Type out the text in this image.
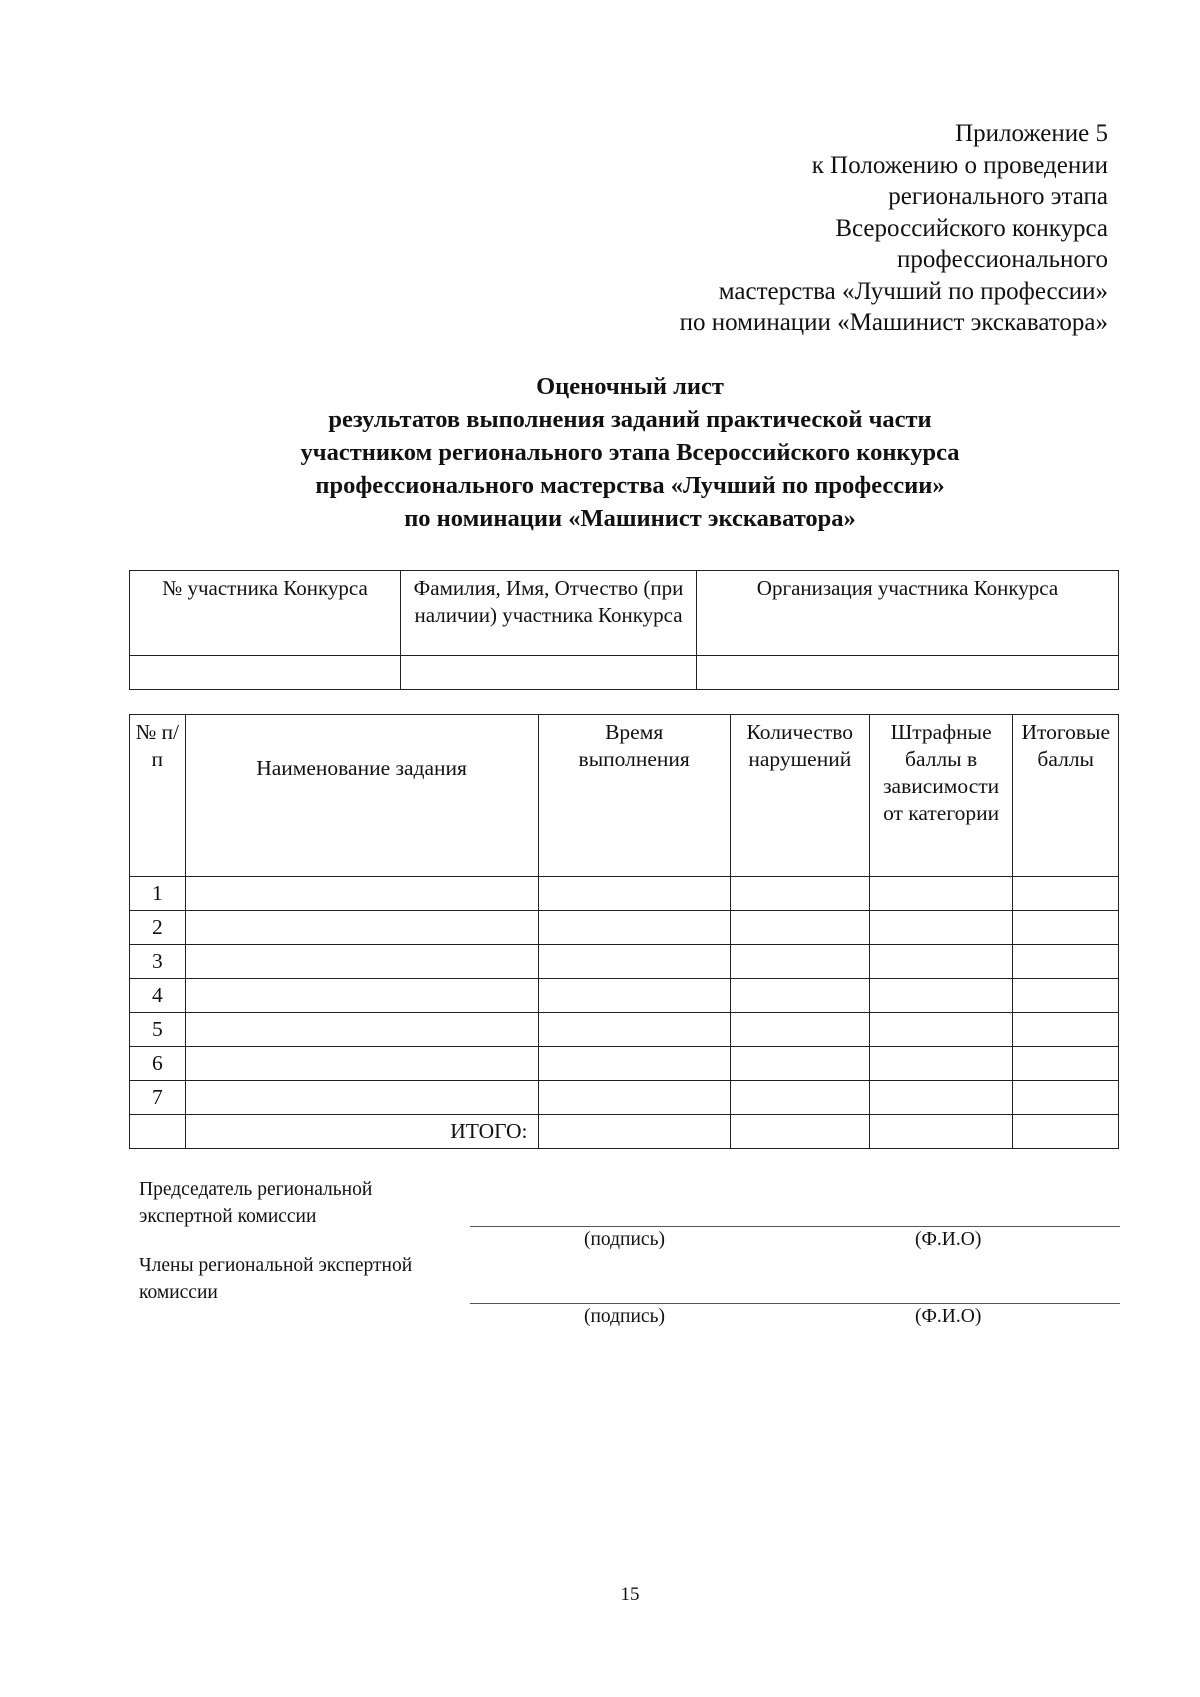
Приложение 5
к Положению о проведении
регионального этапа
Всероссийского конкурса
профессионального
мастерства «Лучший по профессии»
по номинации «Машинист экскаватора»
Оценочный лист
результатов выполнения заданий практической части
участником регионального этапа Всероссийского конкурса
профессионального мастерства «Лучший по профессии»
по номинации «Машинист экскаватора»
№ участника Конкурса	Фамилия, Имя, Отчество (при наличии) участника Конкурса	Организация участника Конкурса

№ п/ п	Наименование задания	Время выполнения	Количество нарушений	Штрафные баллы в зависимости от категории	Итоговые баллы
1					
2					
3					
4					
5					
6					
7					
	ИТОГО:				
Председатель региональной экспертной комиссии
(подпись)	(Ф.И.О)
Члены региональной экспертной комиссии
(подпись)	(Ф.И.О)
15
